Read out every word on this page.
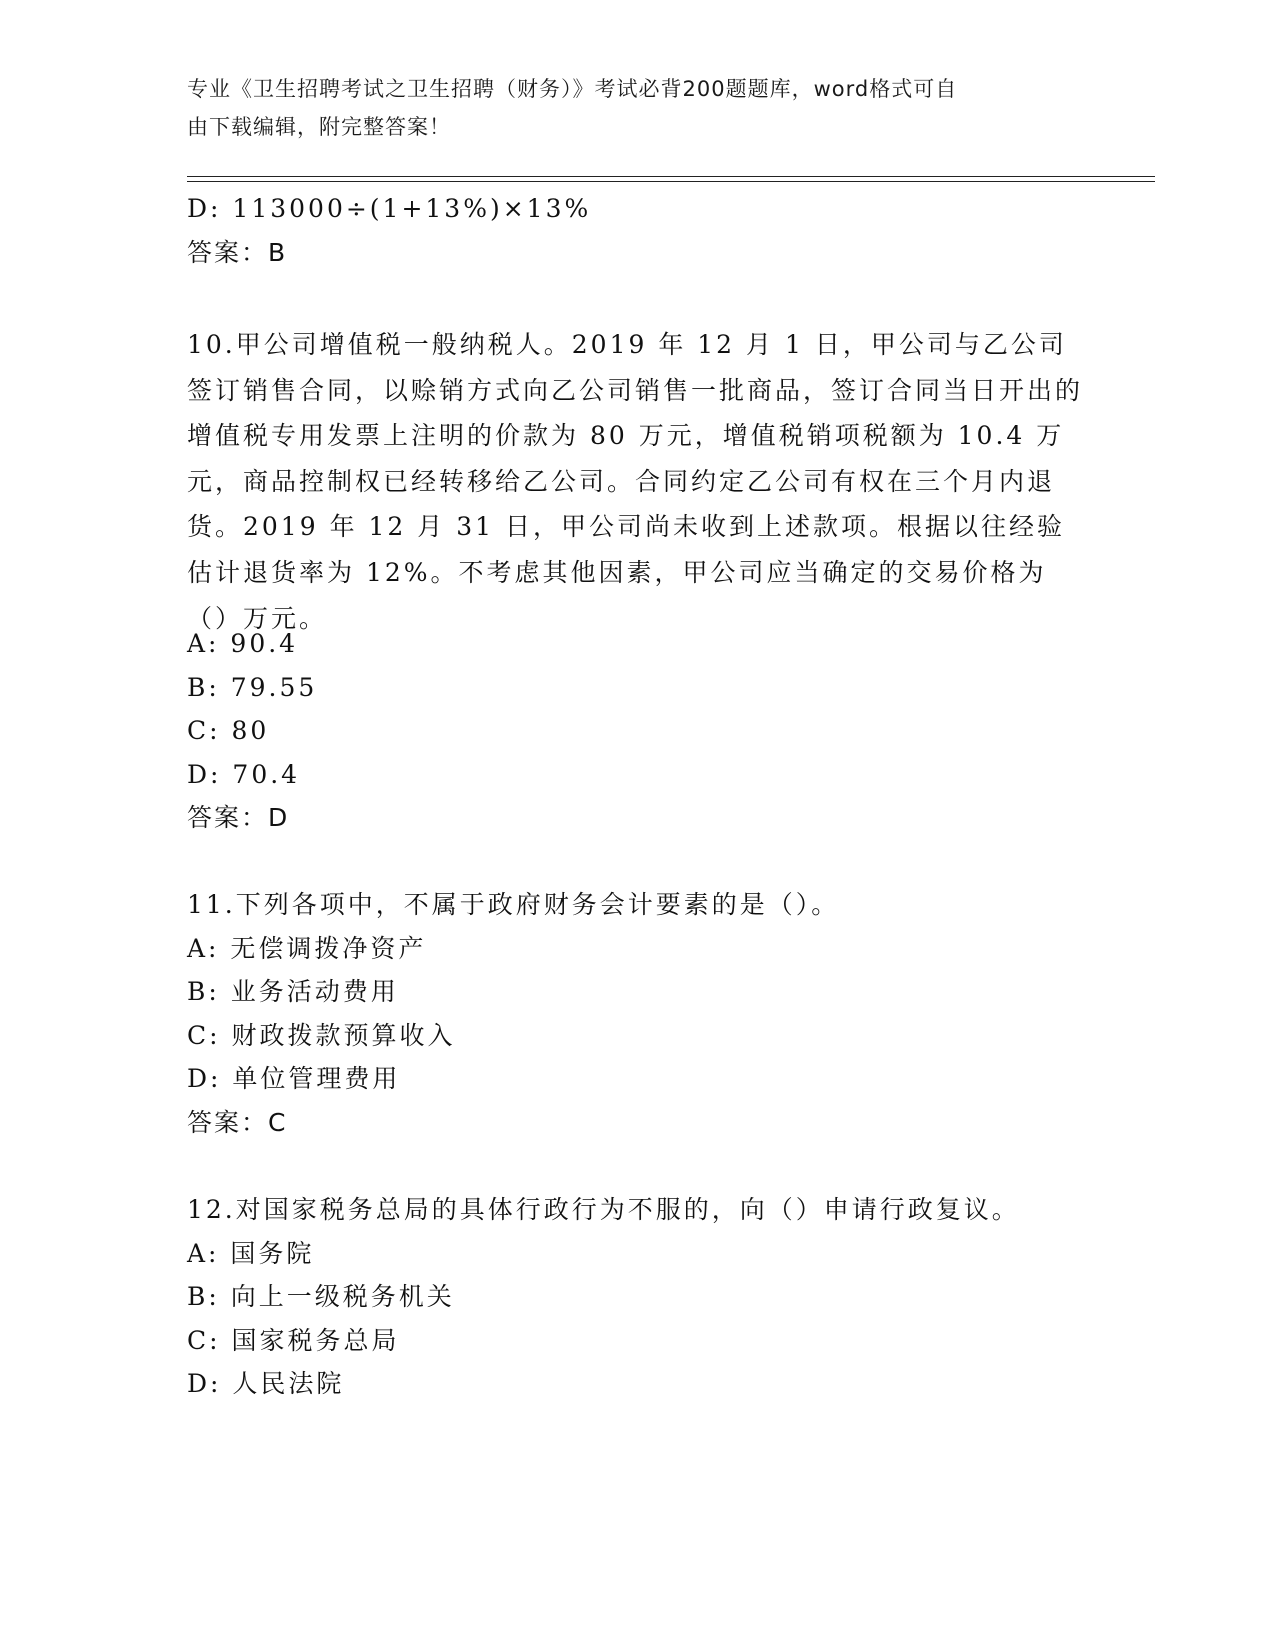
专业《卫生招聘考试之卫生招聘（财务）》考试必背200题题库，word格式可自
由下载编辑，附完整答案！
D: 113000÷(1+13%)×13%
答案：B
10.甲公司增值税一般纳税人。2019 年 12 月 1 日，甲公司与乙公司签订销售合同，以赊销方式向乙公司销售一批商品，签订合同当日开出的增值税专用发票上注明的价款为 80 万元，增值税销项税额为 10.4 万元，商品控制权已经转移给乙公司。合同约定乙公司有权在三个月内退货。2019 年 12 月 31 日，甲公司尚未收到上述款项。根据以往经验估计退货率为 12%。不考虑其他因素，甲公司应当确定的交易价格为（）万元。
A: 90.4
B: 79.55
C: 80
D: 70.4
答案：D
11.下列各项中，不属于政府财务会计要素的是（）。
A: 无偿调拨净资产
B: 业务活动费用
C: 财政拨款预算收入
D: 单位管理费用
答案：C
12.对国家税务总局的具体行政行为不服的，向（）申请行政复议。
A: 国务院
B: 向上一级税务机关
C: 国家税务总局
D: 人民法院
